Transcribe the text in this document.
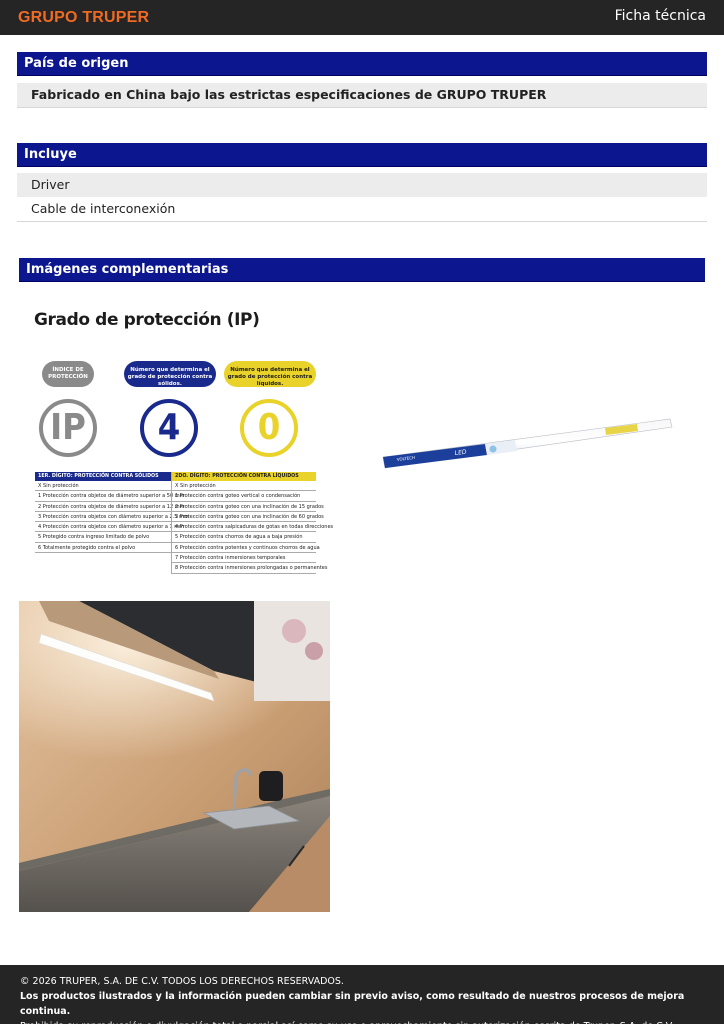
GRUPO TRUPER	Ficha técnica
País de origen
Fabricado en China bajo las estrictas especificaciones de GRUPO TRUPER
Incluye
Driver
Cable de interconexión
Imágenes complementarias
Grado de protección (IP)
ÍNDICE DE PROTECCIÓN
Número que determina el grado de protección contra sólidos.
Número que determina el grado de protección contra líquidos.
IP	4	0
1ER. DÍGITO: PROTECCIÓN CONTRA SÓLIDOS
X Sin protección
1 Protección contra objetos de diámetro superior a 50 mm
2 Protección contra objetos de diámetro superior a 12 mm
3 Protección contra objetos con diámetro superior a 2.5 mm
4 Protección contra objetos con diámetro superior a 1 mm
5 Protegido contra ingreso limitado de polvo
6 Totalmente protegido contra el polvo
2DO. DÍGITO: PROTECCIÓN CONTRA LÍQUIDOS
X Sin protección
1 Protección contra goteo vertical o condensación
2 Protección contra goteo con una inclinación de 15 grados
3 Protección contra goteo con una inclinación de 60 grados
4 Protección contra salpicaduras de gotas en todas direcciones
5 Protección contra chorros de agua a baja presión
6 Protección contra potentes y continuos chorros de agua
7 Protección contra inmersiones temporales
8 Protección contra inmersiones prolongadas o permanentes
VOLTECH
LED
© 2026 TRUPER, S.A. DE C.V. TODOS LOS DERECHOS RESERVADOS.
Los productos ilustrados y la información pueden cambiar sin previo aviso, como resultado de nuestros procesos de mejora continua.
Prohibida su reproducción o divulgación total o parcial así como su uso o aprovechamiento sin autorización escrita de Truper, S.A. de C.V.
